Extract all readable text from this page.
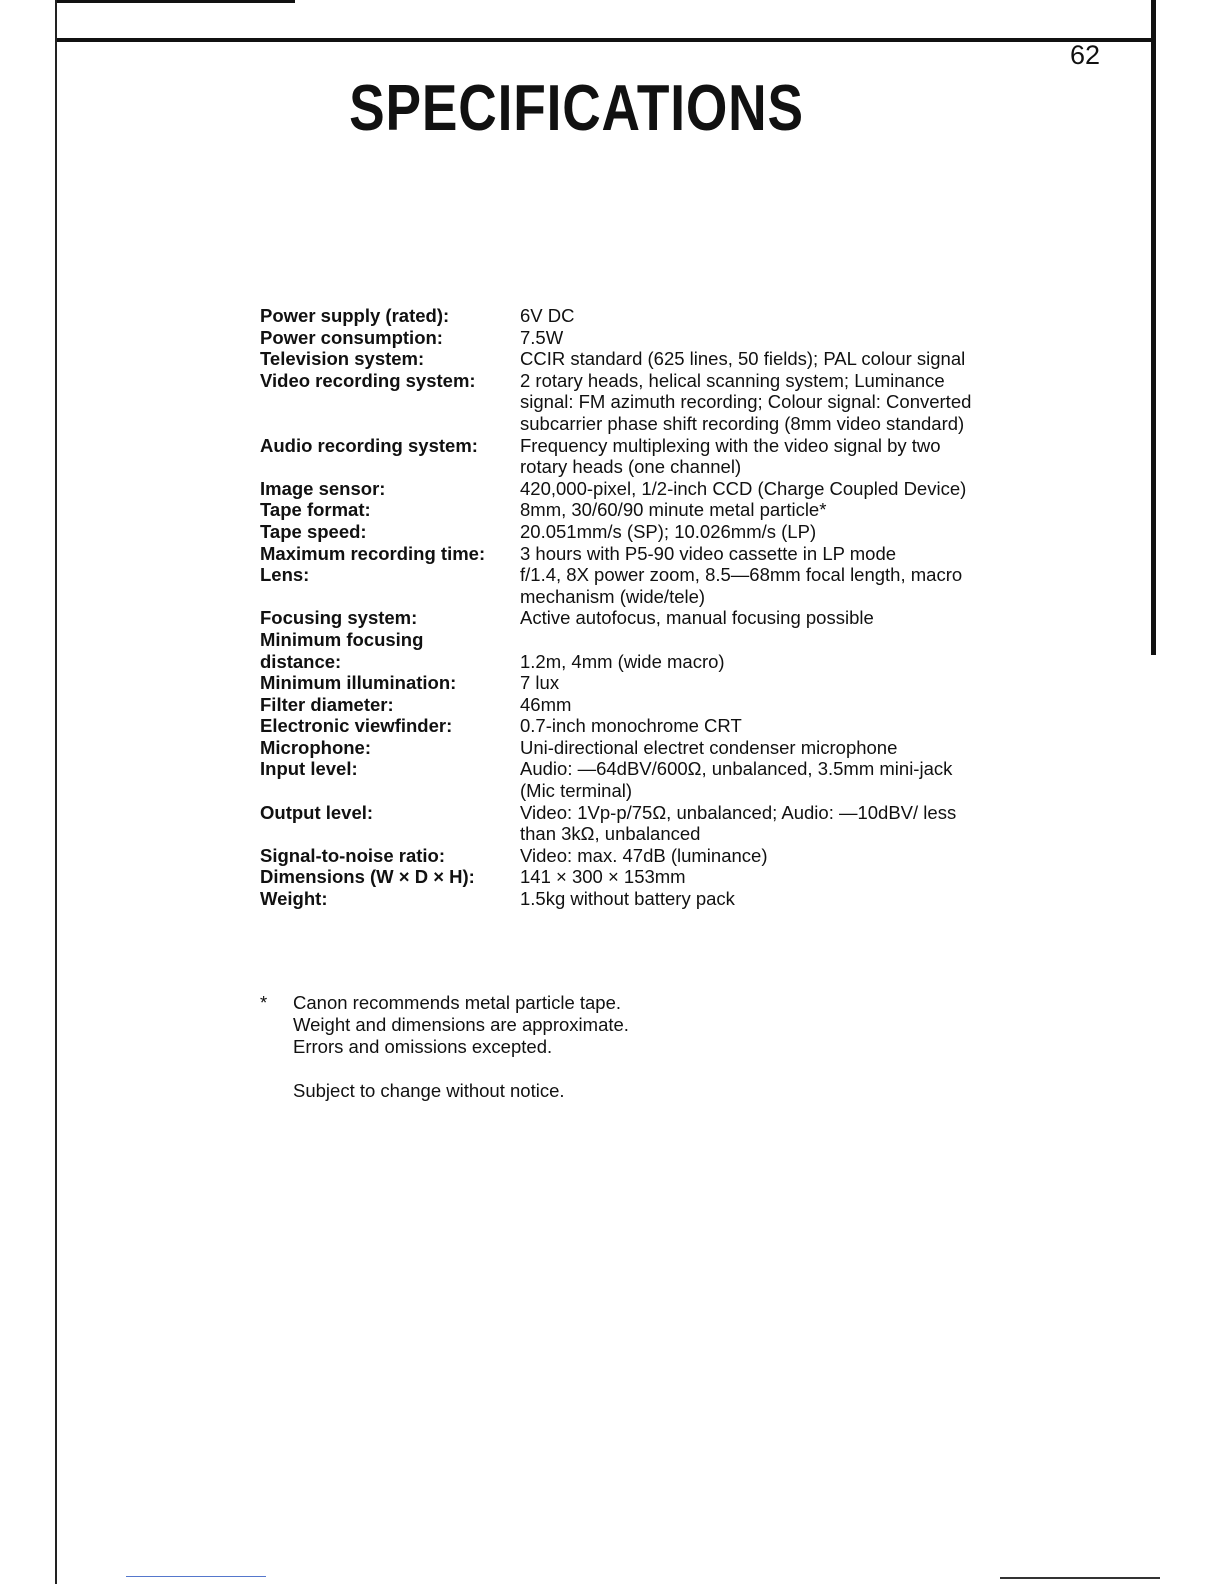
62
SPECIFICATIONS
Power supply (rated):	6V DC
Power consumption:	7.5W
Television system:	CCIR standard (625 lines, 50 fields); PAL colour signal
Video recording system:	2 rotary heads, helical scanning system; Luminance signal: FM azimuth recording; Colour signal: Converted subcarrier phase shift recording (8mm video standard)
Audio recording system:	Frequency multiplexing with the video signal by two rotary heads (one channel)
Image sensor:	420,000-pixel, 1/2-inch CCD (Charge Coupled Device)
Tape format:	8mm, 30/60/90 minute metal particle*
Tape speed:	20.051mm/s (SP); 10.026mm/s (LP)
Maximum recording time:	3 hours with P5-90 video cassette in LP mode
Lens:	f/1.4, 8X power zoom, 8.5—68mm focal length, macro mechanism (wide/tele)
Focusing system:	Active autofocus, manual focusing possible
Minimum focusing distance:	1.2m, 4mm (wide macro)
Minimum illumination:	7 lux
Filter diameter:	46mm
Electronic viewfinder:	0.7-inch monochrome CRT
Microphone:	Uni-directional electret condenser microphone
Input level:	Audio: —64dBV/600Ω, unbalanced, 3.5mm mini-jack (Mic terminal)
Output level:	Video: 1Vp-p/75Ω, unbalanced; Audio: —10dBV/ less than 3kΩ, unbalanced
Signal-to-noise ratio:	Video: max. 47dB (luminance)
Dimensions (W × D × H):	141 × 300 × 153mm
Weight:	1.5kg without battery pack
* Canon recommends metal particle tape.
Weight and dimensions are approximate.
Errors and omissions excepted.
Subject to change without notice.
